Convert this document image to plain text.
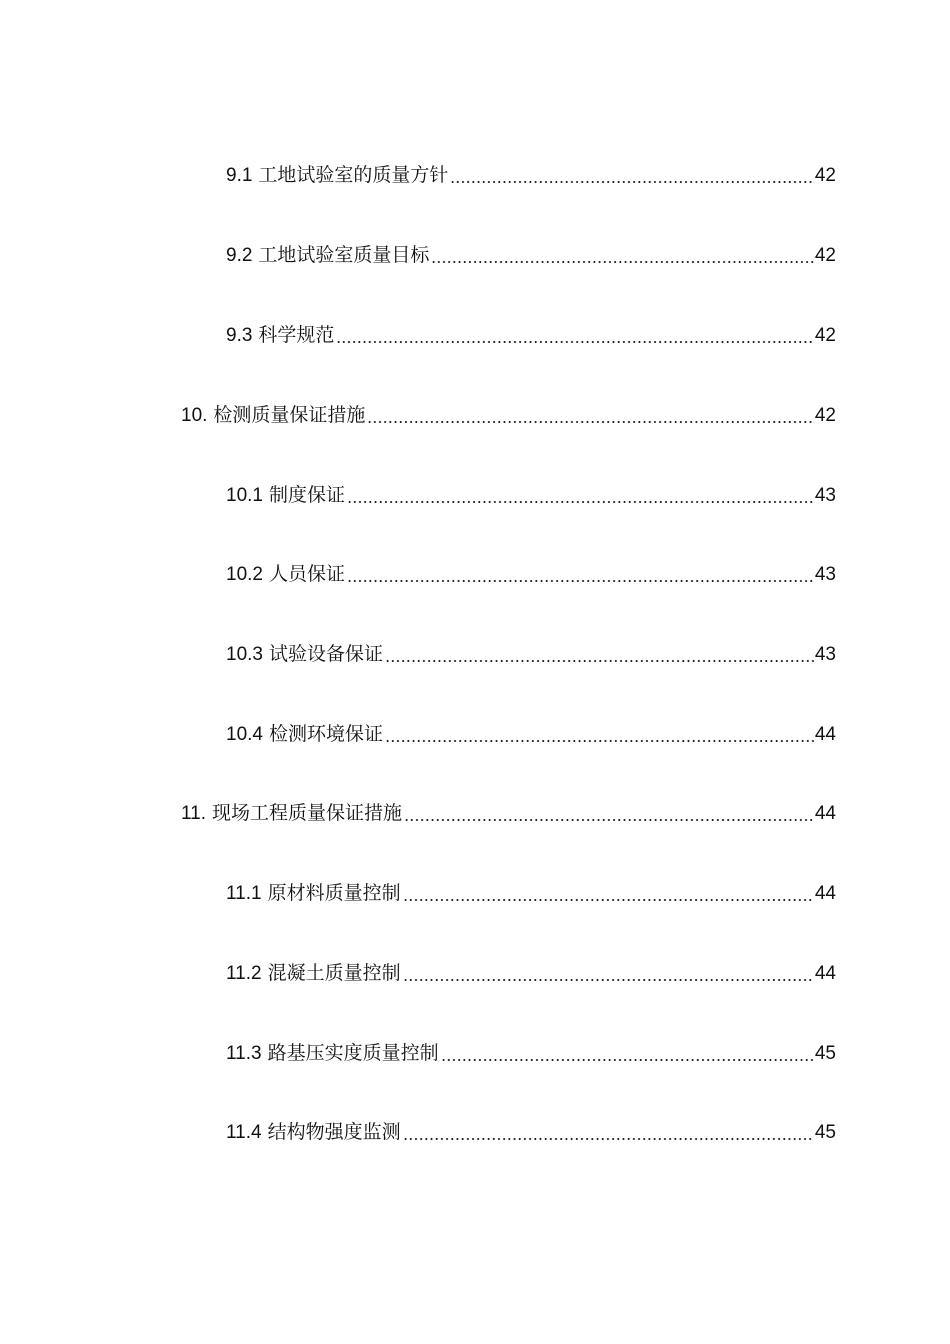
9.1 工地试验室的质量方针	42
9.2 工地试验室质量目标	42
9.3 科学规范	42
10. 检测质量保证措施	42
10.1 制度保证	43
10.2 人员保证	43
10.3 试验设备保证	43
10.4 检测环境保证	44
11. 现场工程质量保证措施	44
11.1 原材料质量控制	44
11.2 混凝土质量控制	44
11.3 路基压实度质量控制	45
11.4 结构物强度监测	45
